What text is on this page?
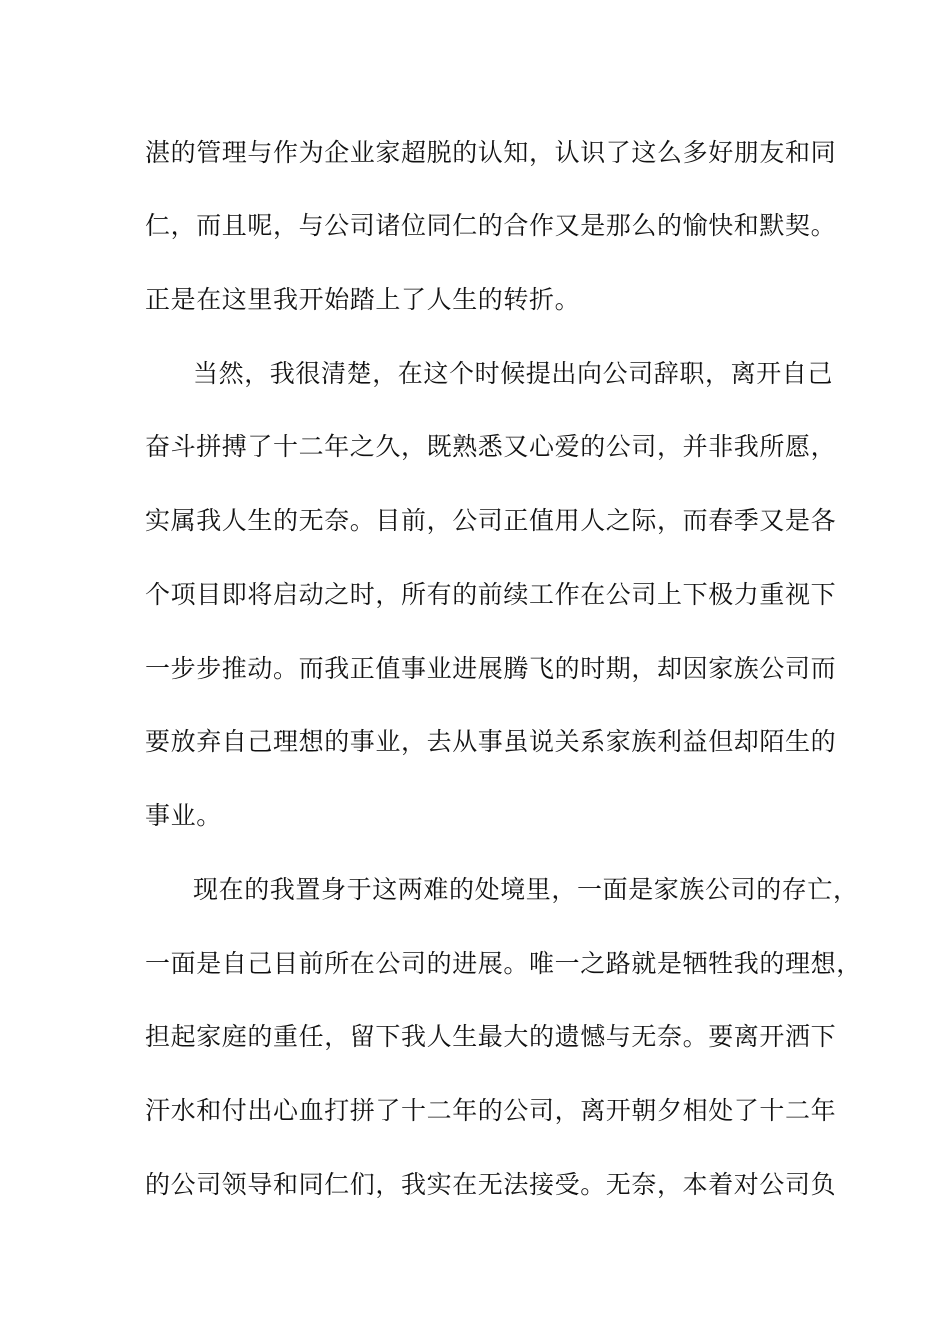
湛的管理与作为企业家超脱的认知，认识了这么多好朋友和同
仁，而且呢，与公司诸位同仁的合作又是那么的愉快和默契。
正是在这里我开始踏上了人生的转折。
当然，我很清楚，在这个时候提出向公司辞职，离开自己
奋斗拼搏了十二年之久，既熟悉又心爱的公司，并非我所愿，
实属我人生的无奈。目前，公司正值用人之际，而春季又是各
个项目即将启动之时，所有的前续工作在公司上下极力重视下
一步步推动。而我正值事业进展腾飞的时期，却因家族公司而
要放弃自己理想的事业，去从事虽说关系家族利益但却陌生的
事业。
现在的我置身于这两难的处境里，一面是家族公司的存亡，
一面是自己目前所在公司的进展。唯一之路就是牺牲我的理想，
担起家庭的重任，留下我人生最大的遗憾与无奈。要离开洒下
汗水和付出心血打拼了十二年的公司，离开朝夕相处了十二年
的公司领导和同仁们，我实在无法接受。无奈，本着对公司负
